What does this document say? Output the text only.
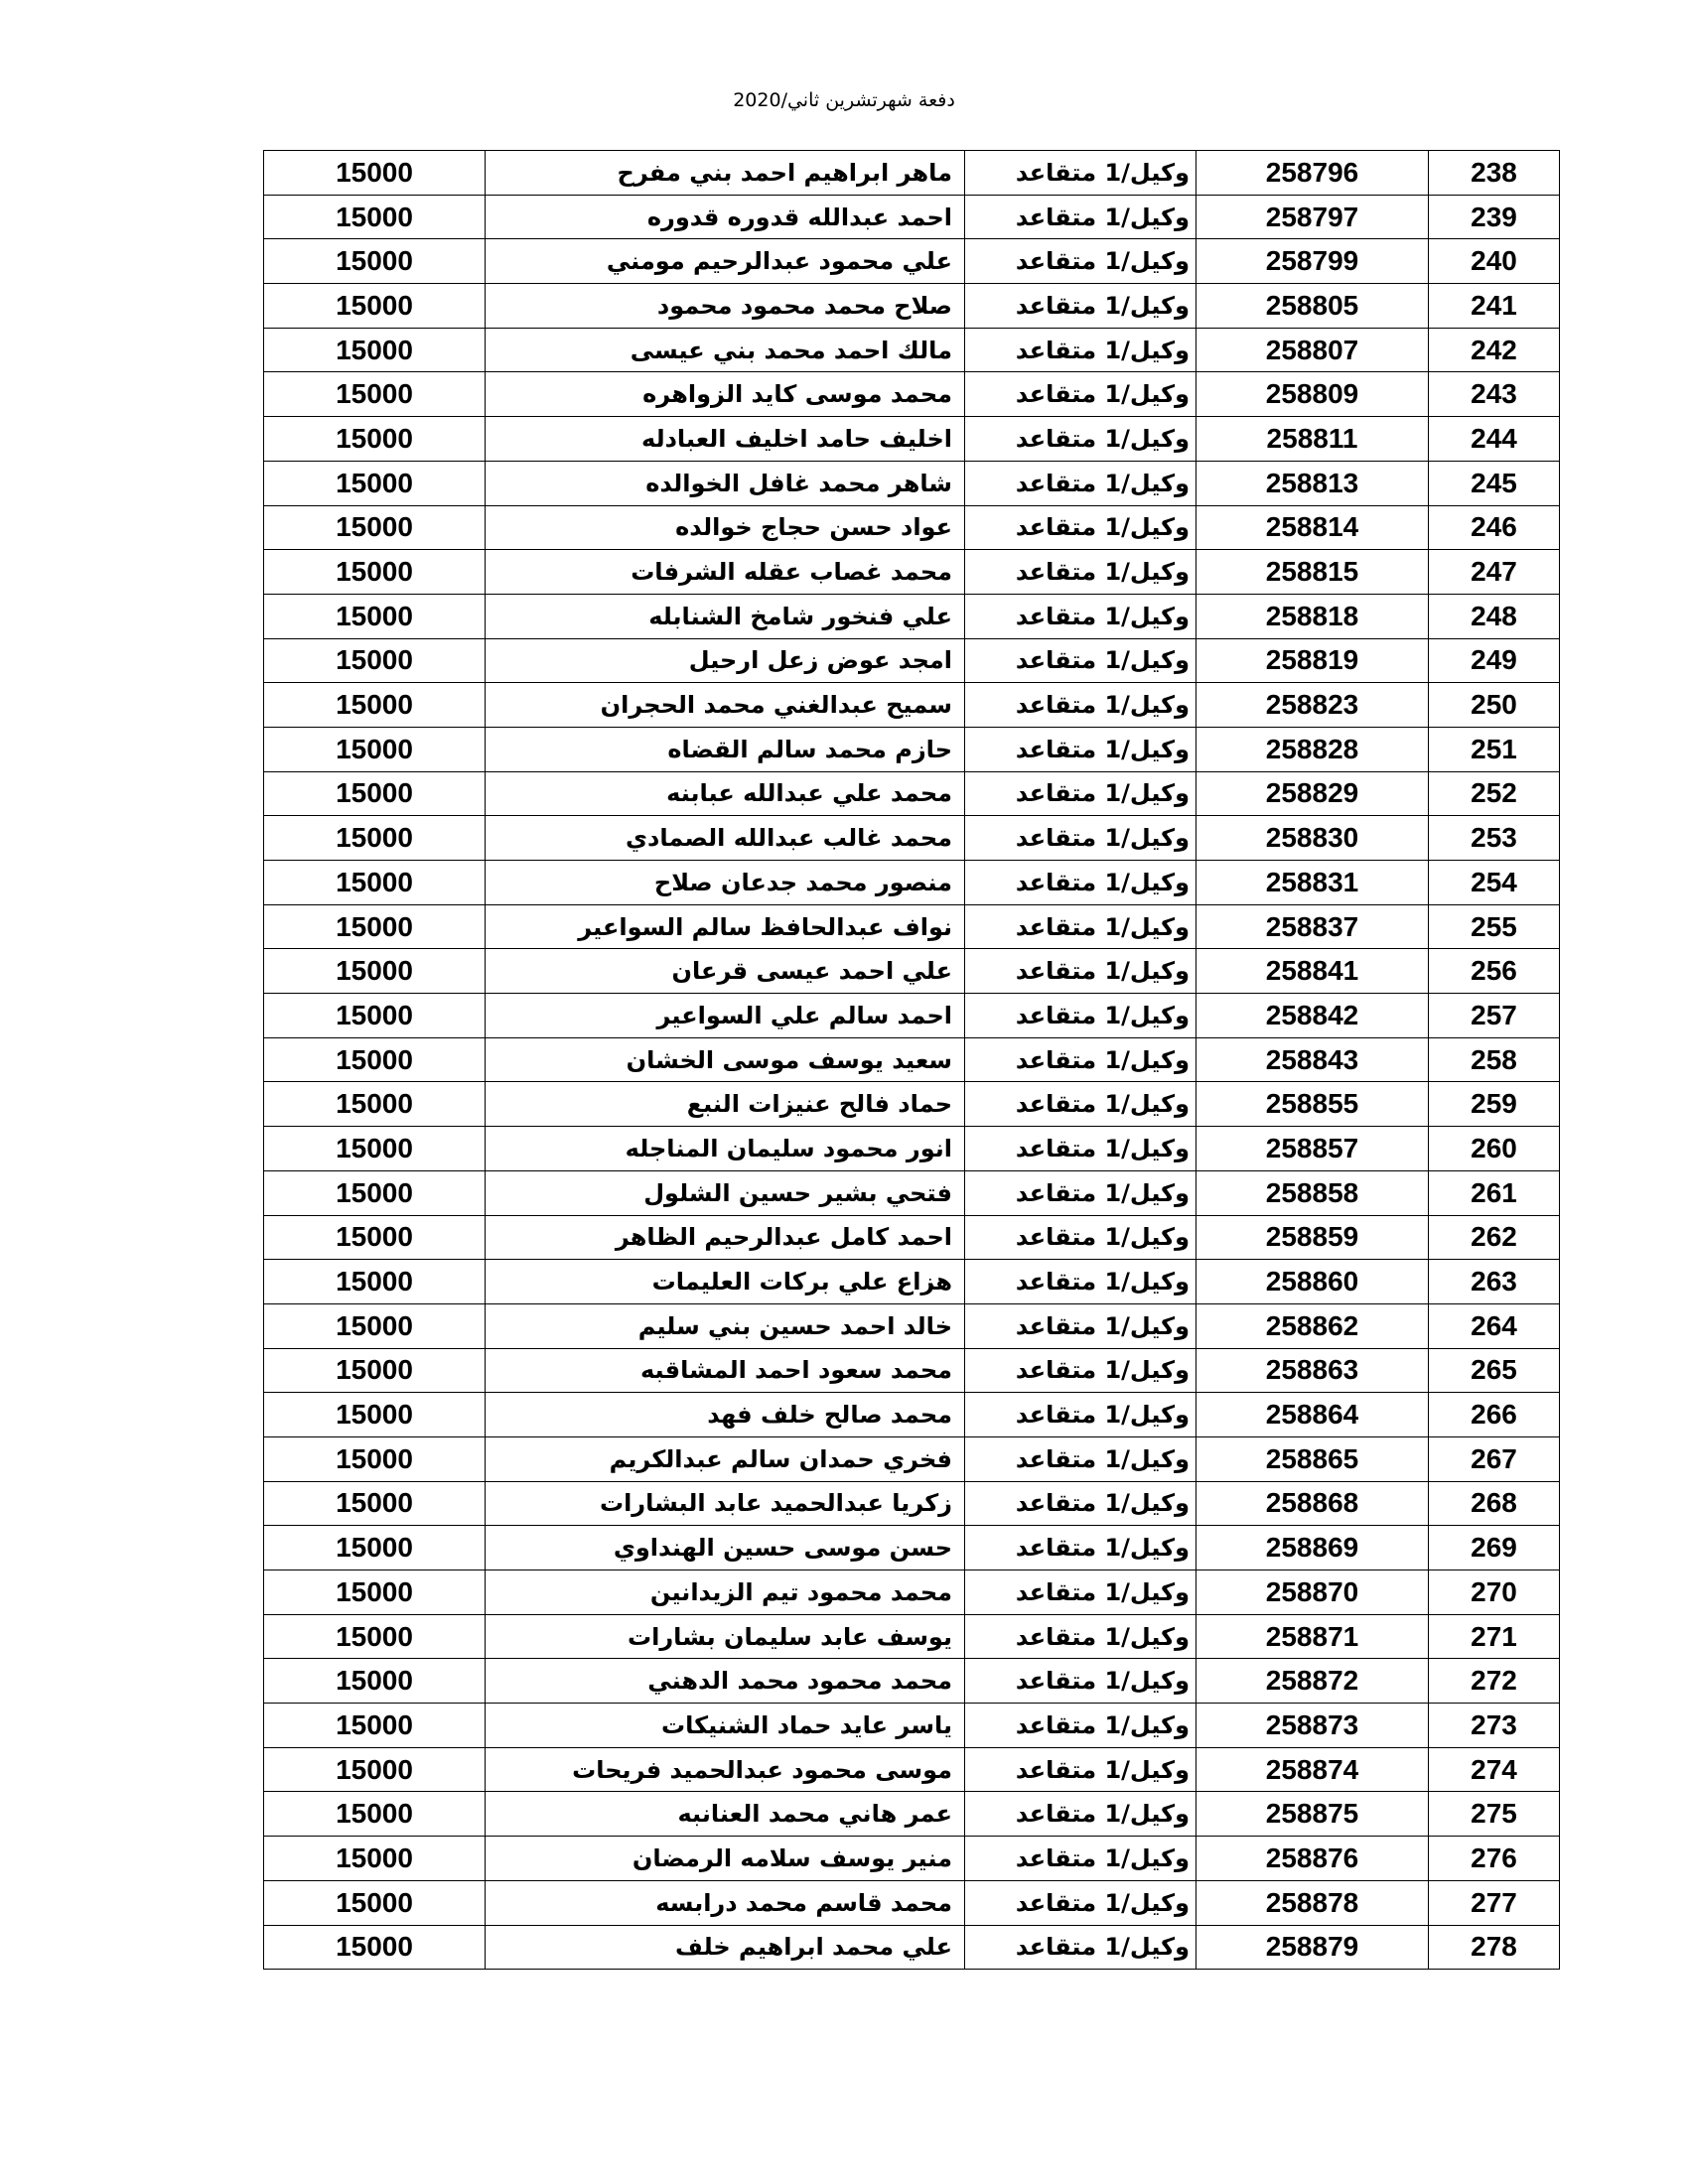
دفعة شهرتشرين ثاني/2020
15000	ماهر ابراهيم احمد بني مفرح	وكيل/1 متقاعد	258796	238
15000	احمد عبدالله قدوره قدوره	وكيل/1 متقاعد	258797	239
15000	علي محمود عبدالرحيم مومني	وكيل/1 متقاعد	258799	240
15000	صلاح محمد محمود محمود	وكيل/1 متقاعد	258805	241
15000	مالك احمد محمد بني عيسى	وكيل/1 متقاعد	258807	242
15000	محمد موسى كايد الزواهره	وكيل/1 متقاعد	258809	243
15000	اخليف حامد اخليف العبادله	وكيل/1 متقاعد	258811	244
15000	شاهر محمد غافل الخوالده	وكيل/1 متقاعد	258813	245
15000	عواد حسن حجاج خوالده	وكيل/1 متقاعد	258814	246
15000	محمد غصاب عقله الشرفات	وكيل/1 متقاعد	258815	247
15000	علي فنخور شامخ الشنابله	وكيل/1 متقاعد	258818	248
15000	امجد عوض زعل ارحيل	وكيل/1 متقاعد	258819	249
15000	سميح عبدالغني محمد الحجران	وكيل/1 متقاعد	258823	250
15000	حازم محمد سالم القضاه	وكيل/1 متقاعد	258828	251
15000	محمد علي عبدالله عبابنه	وكيل/1 متقاعد	258829	252
15000	محمد غالب عبدالله الصمادي	وكيل/1 متقاعد	258830	253
15000	منصور محمد جدعان صلاح	وكيل/1 متقاعد	258831	254
15000	نواف عبدالحافظ سالم السواعير	وكيل/1 متقاعد	258837	255
15000	علي احمد عيسى قرعان	وكيل/1 متقاعد	258841	256
15000	احمد سالم علي السواعير	وكيل/1 متقاعد	258842	257
15000	سعيد يوسف موسى الخشان	وكيل/1 متقاعد	258843	258
15000	حماد فالح عنيزات النبع	وكيل/1 متقاعد	258855	259
15000	انور محمود سليمان المناجله	وكيل/1 متقاعد	258857	260
15000	فتحي بشير حسين الشلول	وكيل/1 متقاعد	258858	261
15000	احمد كامل عبدالرحيم الظاهر	وكيل/1 متقاعد	258859	262
15000	هزاع علي بركات العليمات	وكيل/1 متقاعد	258860	263
15000	خالد احمد حسين بني سليم	وكيل/1 متقاعد	258862	264
15000	محمد سعود احمد المشاقبه	وكيل/1 متقاعد	258863	265
15000	محمد صالح خلف فهد	وكيل/1 متقاعد	258864	266
15000	فخري حمدان سالم عبدالكريم	وكيل/1 متقاعد	258865	267
15000	زكريا عبدالحميد عابد البشارات	وكيل/1 متقاعد	258868	268
15000	حسن موسى حسين الهنداوي	وكيل/1 متقاعد	258869	269
15000	محمد محمود تيم الزيدانين	وكيل/1 متقاعد	258870	270
15000	يوسف عابد سليمان بشارات	وكيل/1 متقاعد	258871	271
15000	محمد محمود محمد الدهني	وكيل/1 متقاعد	258872	272
15000	ياسر عايد حماد الشنيكات	وكيل/1 متقاعد	258873	273
15000	موسى محمود عبدالحميد فريحات	وكيل/1 متقاعد	258874	274
15000	عمر هاني محمد العنانبه	وكيل/1 متقاعد	258875	275
15000	منير يوسف سلامه الرمضان	وكيل/1 متقاعد	258876	276
15000	محمد قاسم محمد درابسه	وكيل/1 متقاعد	258878	277
15000	علي محمد ابراهيم خلف	وكيل/1 متقاعد	258879	278
